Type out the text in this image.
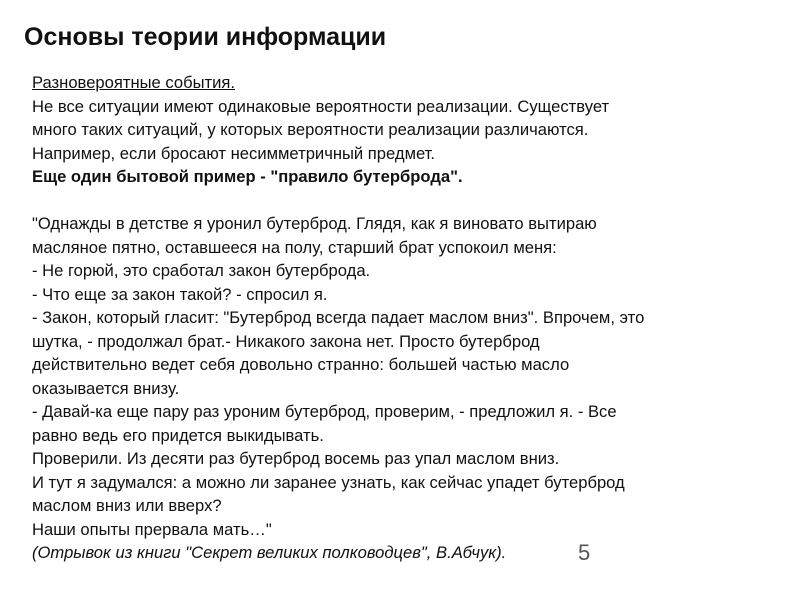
Основы теории информации
Разновероятные события.
Не все ситуации имеют одинаковые вероятности реализации. Существует
много таких ситуаций, у которых вероятности реализации различаются.
Например, если бросают несимметричный предмет.
Еще один бытовой пример - "правило бутерброда".
"Однажды в детстве я уронил бутерброд. Глядя, как я виновато вытираю
масляное пятно, оставшееся на полу, старший брат успокоил меня:
- Не горюй, это сработал закон бутерброда.
- Что еще за закон такой? - спросил я.
- Закон, который гласит: "Бутерброд всегда падает маслом вниз". Впрочем, это
шутка, - продолжал брат.- Никакого закона нет. Просто бутерброд
действительно ведет себя довольно странно: большей частью масло
оказывается внизу.
- Давай-ка еще пару раз уроним бутерброд, проверим, - предложил я. - Все
равно ведь его придется выкидывать.
Проверили. Из десяти раз бутерброд восемь раз упал маслом вниз.
И тут я задумался: а можно ли заранее узнать, как сейчас упадет бутерброд
маслом вниз или вверх?
Наши опыты прервала мать…"
(Отрывок из книги "Секрет великих полководцев", В.Абчук).	5
